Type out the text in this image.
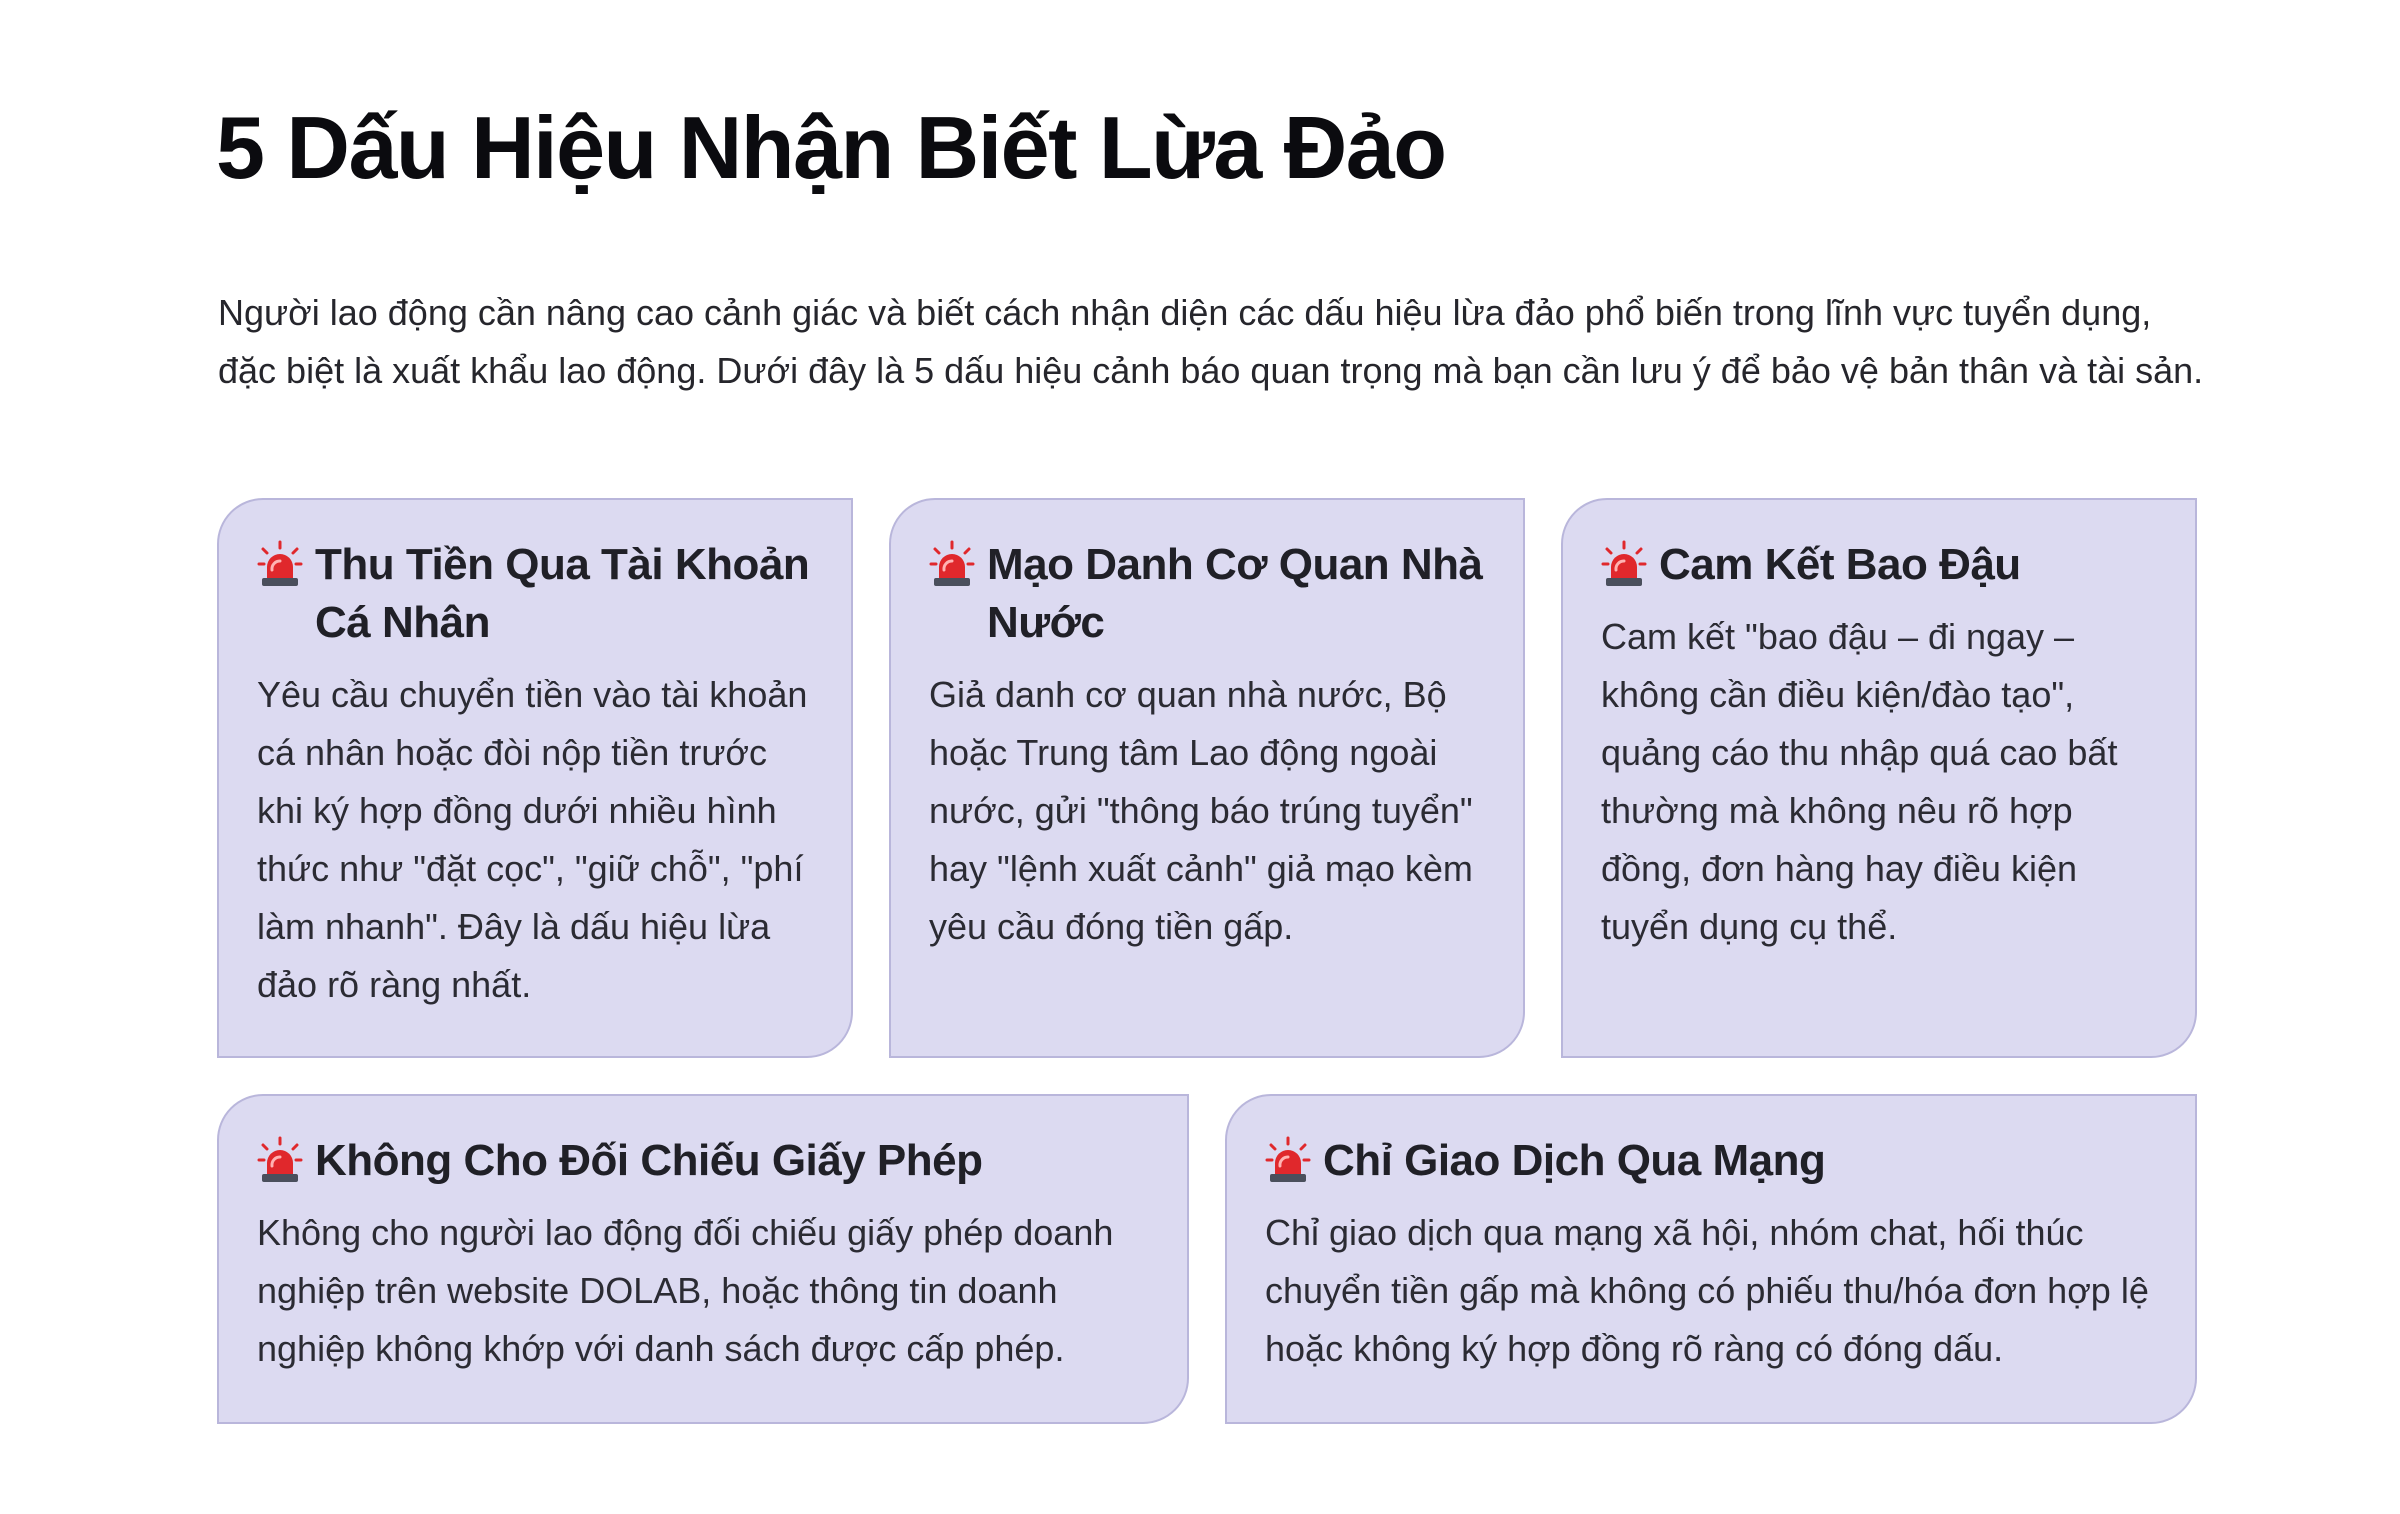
5 Dấu Hiệu Nhận Biết Lừa Đảo

Người lao động cần nâng cao cảnh giác và biết cách nhận diện các dấu hiệu lừa đảo phổ biến trong lĩnh vực tuyển dụng, đặc biệt là xuất khẩu lao động. Dưới đây là 5 dấu hiệu cảnh báo quan trọng mà bạn cần lưu ý để bảo vệ bản thân và tài sản.

Thu Tiền Qua Tài Khoản Cá Nhân

Yêu cầu chuyển tiền vào tài khoản cá nhân hoặc đòi nộp tiền trước khi ký hợp đồng dưới nhiều hình thức như "đặt cọc", "giữ chỗ", "phí làm nhanh". Đây là dấu hiệu lừa đảo rõ ràng nhất.

Mạo Danh Cơ Quan Nhà Nước

Giả danh cơ quan nhà nước, Bộ hoặc Trung tâm Lao động ngoài nước, gửi "thông báo trúng tuyển" hay "lệnh xuất cảnh" giả mạo kèm yêu cầu đóng tiền gấp.

Cam Kết Bao Đậu

Cam kết "bao đậu – đi ngay – không cần điều kiện/đào tạo", quảng cáo thu nhập quá cao bất thường mà không nêu rõ hợp đồng, đơn hàng hay điều kiện tuyển dụng cụ thể.

Không Cho Đối Chiếu Giấy Phép

Không cho người lao động đối chiếu giấy phép doanh nghiệp trên website DOLAB, hoặc thông tin doanh nghiệp không khớp với danh sách được cấp phép.

Chỉ Giao Dịch Qua Mạng

Chỉ giao dịch qua mạng xã hội, nhóm chat, hối thúc chuyển tiền gấp mà không có phiếu thu/hóa đơn hợp lệ hoặc không ký hợp đồng rõ ràng có đóng dấu.
